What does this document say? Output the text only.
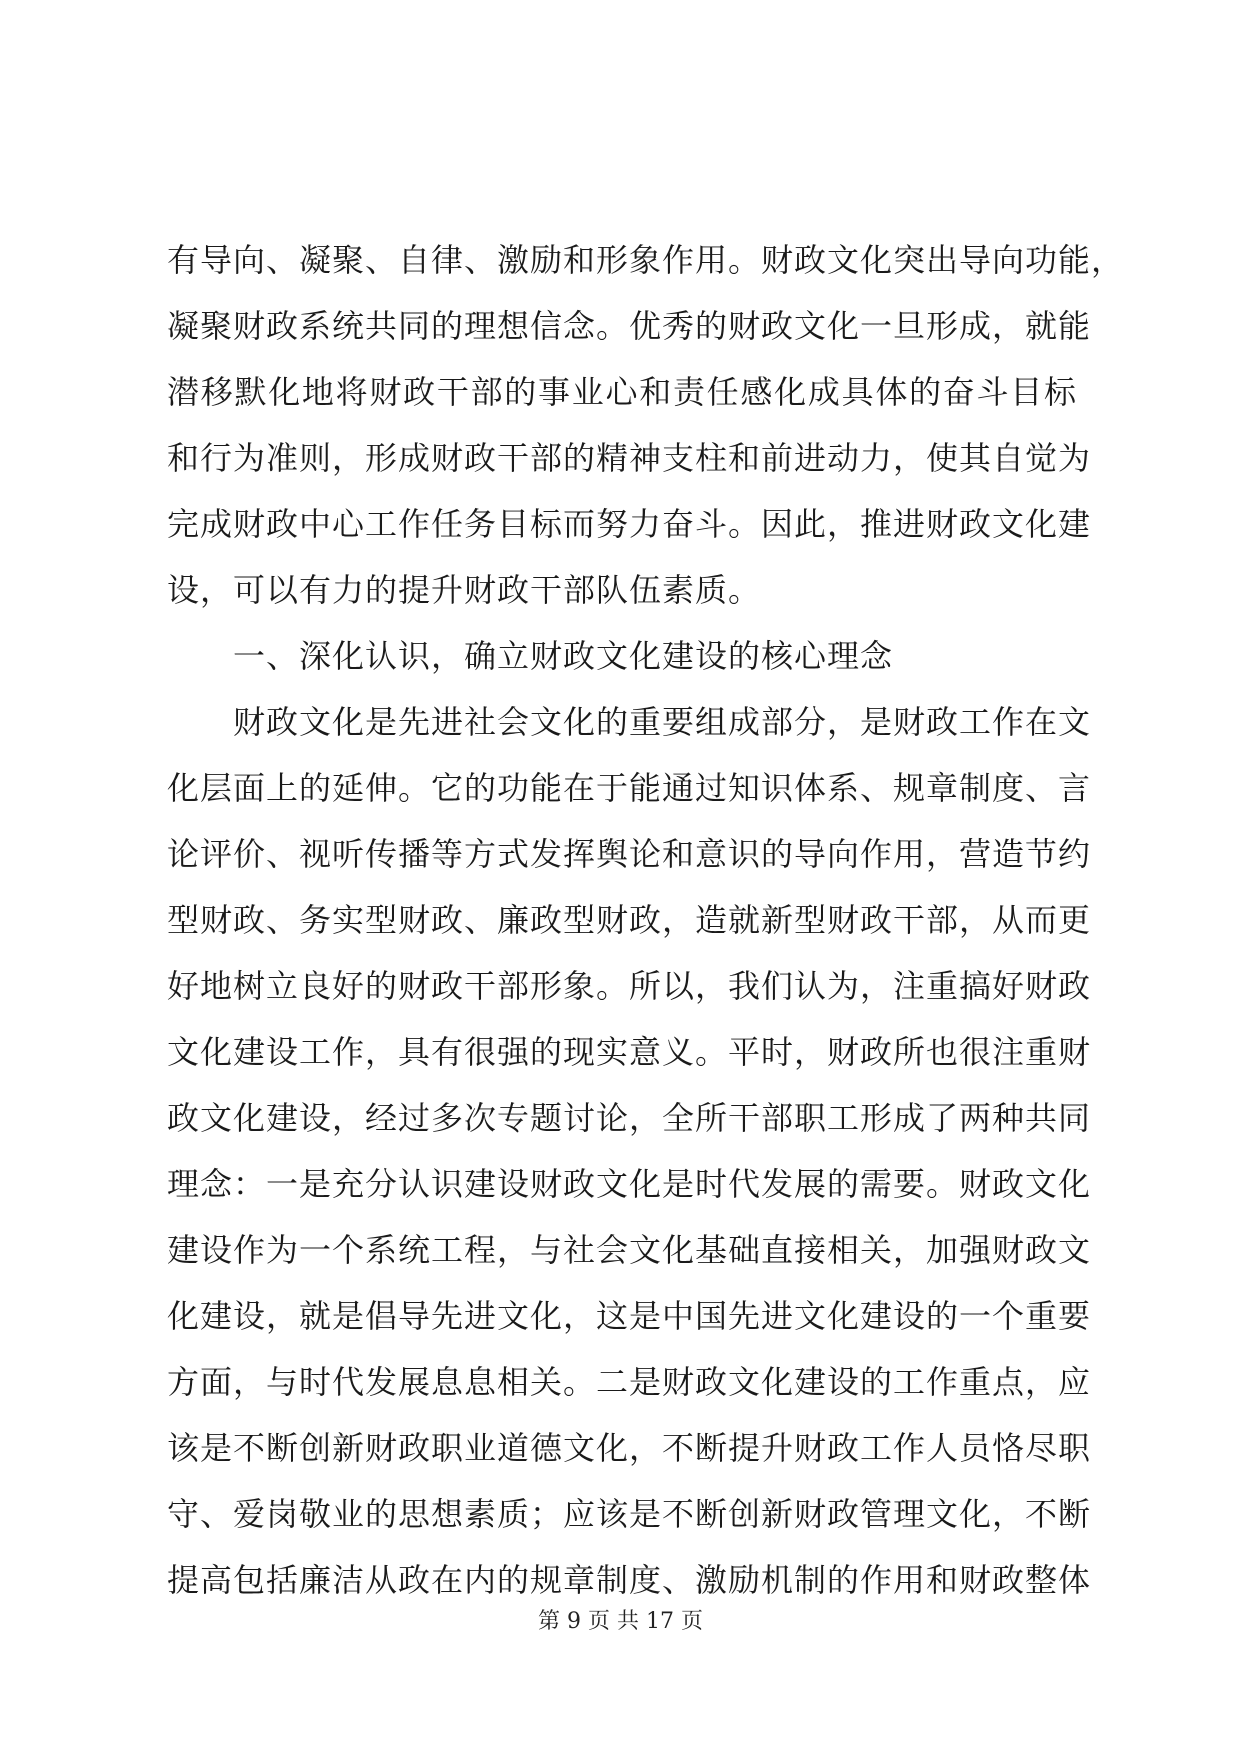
有导向、凝聚、自律、激励和形象作用。财政文化突出导向功能，
凝聚财政系统共同的理想信念。优秀的财政文化一旦形成，就能
潜移默化地将财政干部的事业心和责任感化成具体的奋斗目标
和行为准则，形成财政干部的精神支柱和前进动力，使其自觉为
完成财政中心工作任务目标而努力奋斗。因此，推进财政文化建
设，可以有力的提升财政干部队伍素质。
一、深化认识，确立财政文化建设的核心理念
财政文化是先进社会文化的重要组成部分，是财政工作在文
化层面上的延伸。它的功能在于能通过知识体系、规章制度、言
论评价、视听传播等方式发挥舆论和意识的导向作用，营造节约
型财政、务实型财政、廉政型财政，造就新型财政干部，从而更
好地树立良好的财政干部形象。所以，我们认为，注重搞好财政
文化建设工作，具有很强的现实意义。平时，财政所也很注重财
政文化建设，经过多次专题讨论，全所干部职工形成了两种共同
理念：一是充分认识建设财政文化是时代发展的需要。财政文化
建设作为一个系统工程，与社会文化基础直接相关，加强财政文
化建设，就是倡导先进文化，这是中国先进文化建设的一个重要
方面，与时代发展息息相关。二是财政文化建设的工作重点，应
该是不断创新财政职业道德文化，不断提升财政工作人员恪尽职
守、爱岗敬业的思想素质；应该是不断创新财政管理文化，不断
提高包括廉洁从政在内的规章制度、激励机制的作用和财政整体
第 9 页 共 17 页
